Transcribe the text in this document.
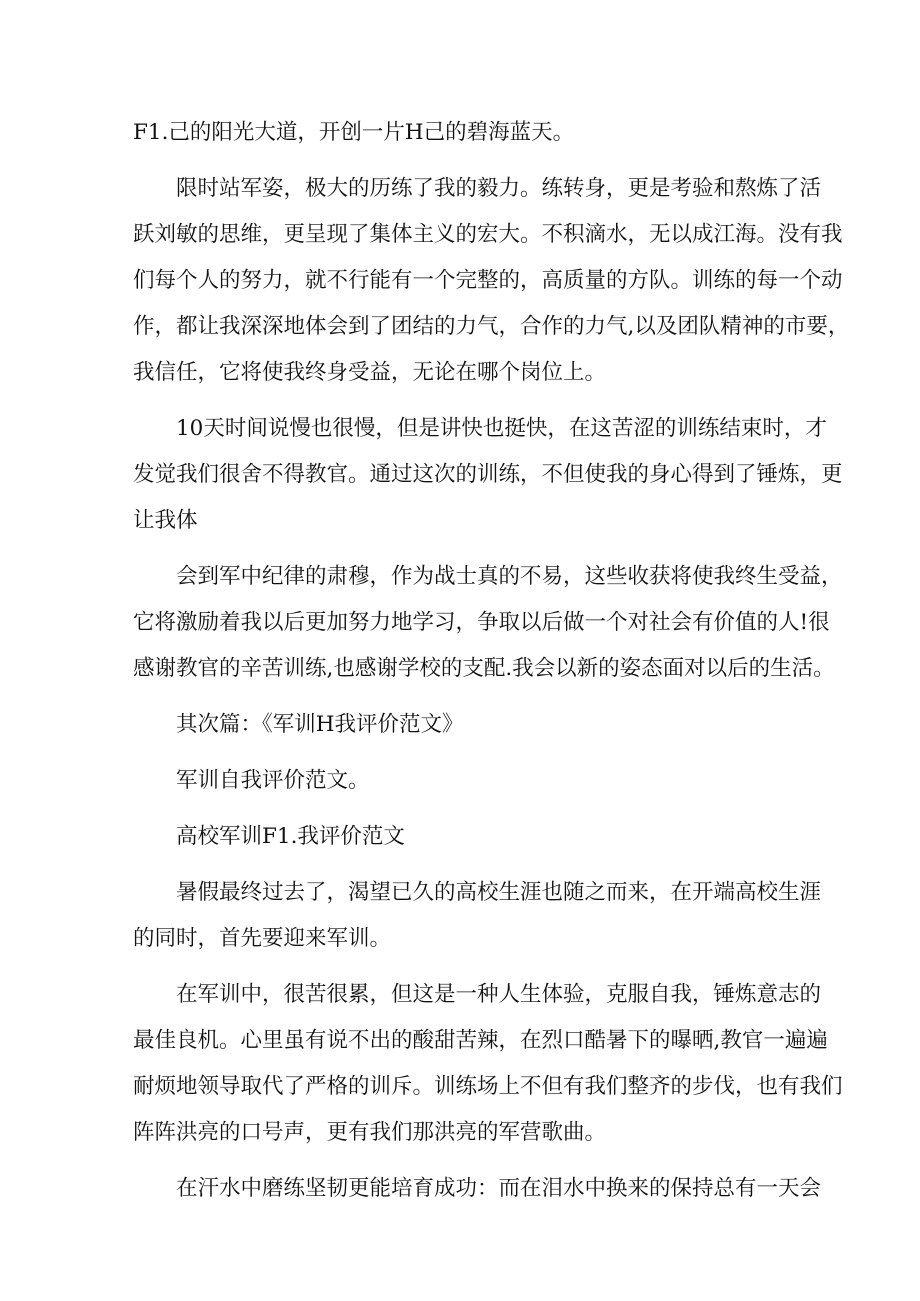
F1.己的阳光大道，开创一片H己的碧海蓝天。
限时站军姿，极大的历练了我的毅力。练转身，更是考验和熬炼了活
跃刘敏的思维，更呈现了集体主义的宏大。不积滴水，无以成江海。没有我
们每个人的努力，就不行能有一个完整的，高质量的方队。训练的每一个动
作，都让我深深地体会到了团结的力气，合作的力气,以及团队精神的市要，
我信任，它将使我终身受益，无论在哪个岗位上。
10天时间说慢也很慢，但是讲快也挺快，在这苦涩的训练结束时，才
发觉我们很舍不得教官。通过这次的训练，不但使我的身心得到了锤炼，更
让我体
会到军中纪律的肃穆，作为战士真的不易，这些收获将使我终生受益，
它将激励着我以后更加努力地学习，争取以后做一个对社会有价值的人!很
感谢教官的辛苦训练,也感谢学校的支配.我会以新的姿态面对以后的生活。
其次篇：《军训H我评价范文》
军训自我评价范文。
高校军训F1.我评价范文
暑假最终过去了，渴望已久的高校生涯也随之而来，在开端高校生涯
的同时，首先要迎来军训。
在军训中，很苦很累，但这是一种人生体验，克服自我，锤炼意志的
最佳良机。心里虽有说不出的酸甜苦辣，在烈口酷暑下的曝晒,教官一遍遍
耐烦地领导取代了严格的训斥。训练场上不但有我们整齐的步伐，也有我们
阵阵洪亮的口号声，更有我们那洪亮的军营歌曲。
在汗水中磨练坚韧更能培育成功：而在泪水中换来的保持总有一天会
